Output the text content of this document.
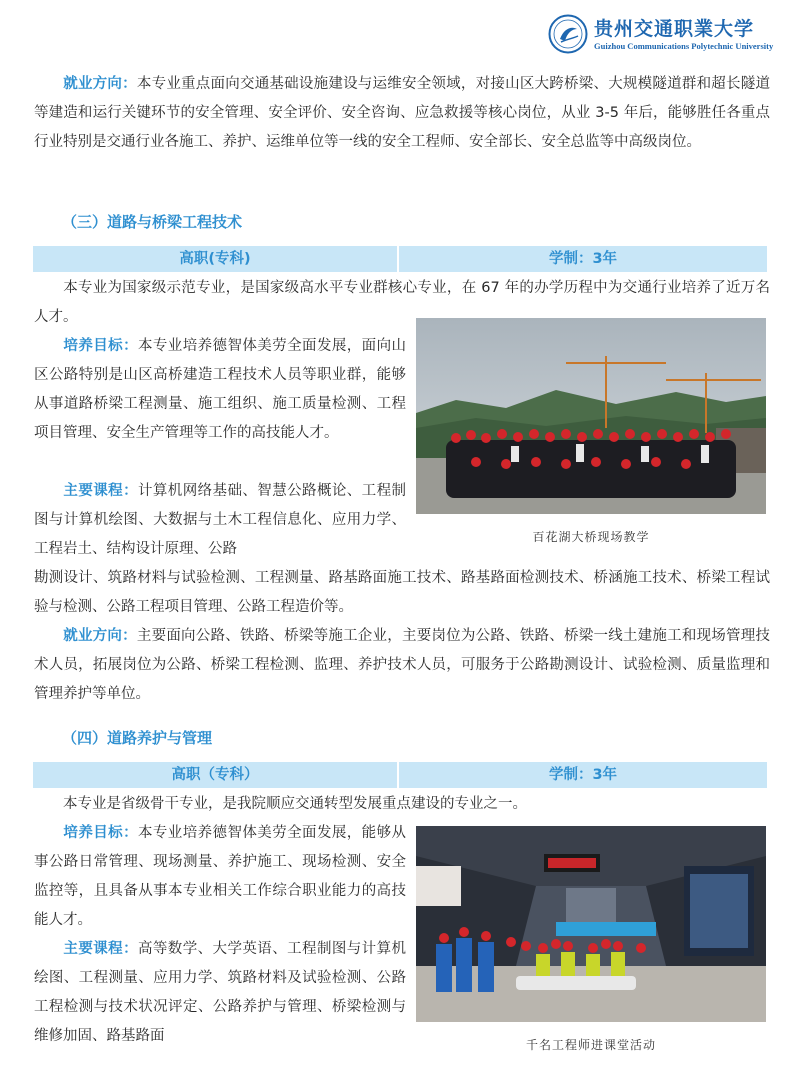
贵州交通职業大学
Guizhou Communications Polytechnic University

就业方向：本专业重点面向交通基础设施建设与运维安全领域，对接山区大跨桥梁、大规模隧道群和超长隧道等建造和运行关键环节的安全管理、安全评价、安全咨询、应急救援等核心岗位，从业 3-5 年后，能够胜任各重点行业特别是交通行业各施工、养护、运维单位等一线的安全工程师、安全部长、安全总监等中高级岗位。

（三）道路与桥梁工程技术
高职(专科)	学制：3年

本专业为国家级示范专业，是国家级高水平专业群核心专业，在 67 年的办学历程中为交通行业培养了近万名人才。

培养目标：本专业培养德智体美劳全面发展，面向山区公路特别是山区高桥建造工程技术人员等职业群，能够从事道路桥梁工程测量、施工组织、施工质量检测、工程项目管理、安全生产管理等工作的高技能人才。

主要课程：计算机网络基础、智慧公路概论、工程制图与计算机绘图、大数据与土木工程信息化、应用力学、工程岩土、结构设计原理、公路

勘测设计、筑路材料与试验检测、工程测量、路基路面施工技术、路基路面检测技术、桥涵施工技术、桥梁工程试验与检测、公路工程项目管理、公路工程造价等。

就业方向：主要面向公路、铁路、桥梁等施工企业，主要岗位为公路、铁路、桥梁一线土建施工和现场管理技术人员，拓展岗位为公路、桥梁工程检测、监理、养护技术人员，可服务于公路勘测设计、试验检测、质量监理和管理养护等单位。

百花湖大桥现场教学
（四）道路养护与管理
高职（专科）	学制：3年

本专业是省级骨干专业，是我院顺应交通转型发展重点建设的专业之一。

培养目标：本专业培养德智体美劳全面发展，能够从事公路日常管理、现场测量、养护施工、现场检测、安全监控等，且具备从事本专业相关工作综合职业能力的高技能人才。

主要课程：高等数学、大学英语、工程制图与计算机绘图、工程测量、应用力学、筑路材料及试验检测、公路工程检测与技术状况评定、公路养护与管理、桥梁检测与维修加固、路基路面

千名工程师进课堂活动
